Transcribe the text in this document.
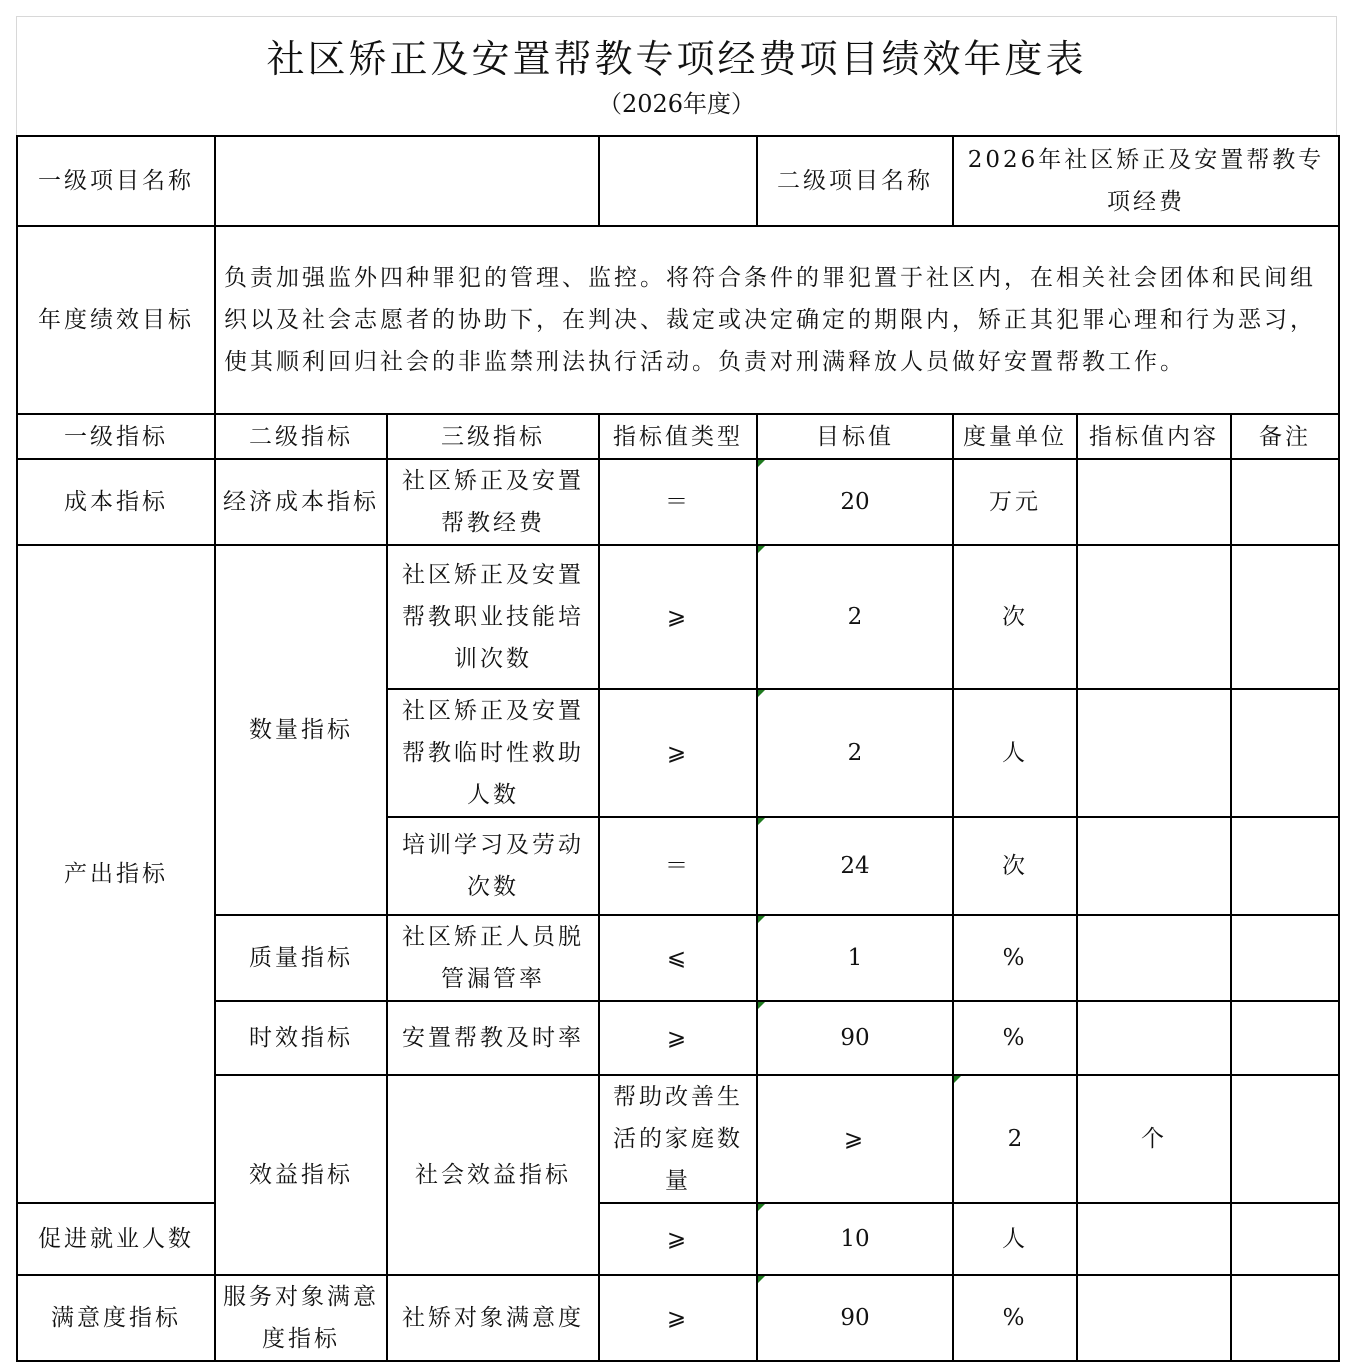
社区矫正及安置帮教专项经费项目绩效年度表
（2026年度）
一级项目名称				二级项目名称	2026年社区矫正及安置帮教专项经费			
年度绩效目标	负责加强监外四种罪犯的管理、监控。将符合条件的罪犯置于社区内，在相关社会团体和民间组织以及社会志愿者的协助下，在判决、裁定或决定确定的期限内，矫正其犯罪心理和行为恶习，使其顺利回归社会的非监禁刑法执行活动。负责对刑满释放人员做好安置帮教工作。							
一级指标	二级指标	三级指标	指标值类型	目标值	度量单位	指标值内容	备注	
成本指标	经济成本指标	社区矫正及安置帮教经费	＝	20	万元			
产出指标	数量指标	社区矫正及安置帮教职业技能培训次数	⩾	2	次			
		社区矫正及安置帮教临时性救助人数	⩾	2	人			
		培训学习及劳动次数	＝	24	次			
	质量指标	社区矫正人员脱管漏管率	⩽	1	%			
	时效指标	安置帮教及时率	⩾	90	%			
	效益指标	社会效益指标	帮助改善生活的家庭数量	⩾	2	个		
促进就业人数			⩾	10	人			
满意度指标	服务对象满意度指标	社矫对象满意度	⩾	90	%			
